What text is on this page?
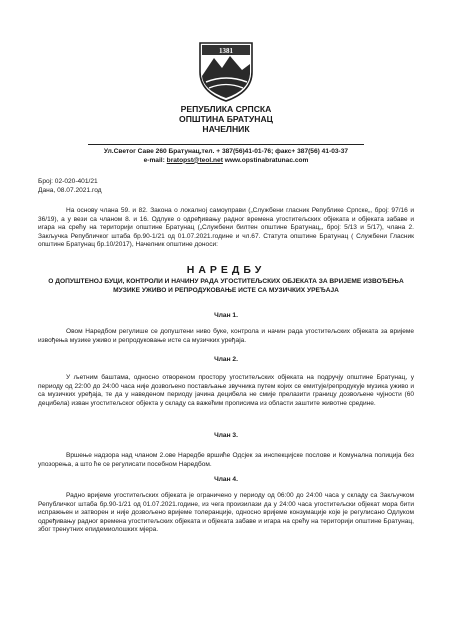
1381
РЕПУБЛИКА СРПСКА
ОПШТИНА БРАТУНАЦ
НАЧЕЛНИК
Ул.Светог Саве 260 Братунац,тел. + 387(56)41-01-76; факс+ 387(56) 41-03-37
e-mail: bratopst@teol.net www.opstinabratunac.com
Број: 02-020-401/21
Дана, 08.07.2021.год
На основу члана 59. и 82. Закона о локалној самоуправи („Службени гласник Републике Српске„, број: 97/16 и 36/19), а у вези са чланом 8. и 16. Одлуке о одређивању радног времена угоститељских објеката и објеката забаве и игара на срећу на територији општине Братунац („Службени билтен општине Братунац„, број: 5/13 и 5/17), члана 2. Закључка Републичког штаба бр.90-1/21 од 01.07.2021.године и чл.67. Статута општине Братунац ( Службени Гласник општине Братунац бр.10/2017), Начелник општине доноси:
НАРЕДБУ
О ДОПУШТЕНОЈ БУЦИ, КОНТРОЛИ И НАЧИНУ РАДА УГОСТИТЕЉСКИХ ОБЈЕКАТА ЗА ВРИЈЕМЕ ИЗВОЂЕЊА МУЗИКЕ УЖИВО И РЕПРОДУКОВАЊЕ ИСТЕ СА МУЗИЧКИХ УРЕЂАЈА
Члан 1.
Овом Наредбом регулише се допуштени ниво буке, контрола и начин рада угоститељских објеката за вријеме извођења музике уживо и репродуковање исте са музичких уређаја.
Члан 2.
У љетним баштама, односно отвореном простору угоститељских објеката на подручју општине Братунац, у периоду од 22:00 до 24:00 часа није дозвољено постављање звучника путем којих се емитује/репродукује музика уживо и са музичких уређаја, те да у наведеном периоду јачина децибела не смије прелазити границу дозвољене чујности (60 децибела) изван угоститељског објекта у складу са важећим прописима из области заштите животне средине.
Члан 3.
Вршење надзора над чланом 2.ове Наредбе вршиће Одсјек за инспекцијске послове и Комунална полиција без упозорења, а што ће се регулисати посебном Наредбом.
Члан 4.
Радно вријеме угоститељских објеката је ограничено у периоду од 06:00 до 24:00 часа у складу са Закључком Републичког штаба бр.90-1/21 од 01.07.2021.године, из чега произилази да у 24:00 часа угоститељски објекат мора бити испражњен и затворен и није дозвољено вријеме толеранције, односно вријеме конзумације које је регулисано Одлуком одређивању радног времена угоститељских објеката и објеката забаве и игара на срећу на територији општине Братунац, због тренутних епидемиолошких мјера.
